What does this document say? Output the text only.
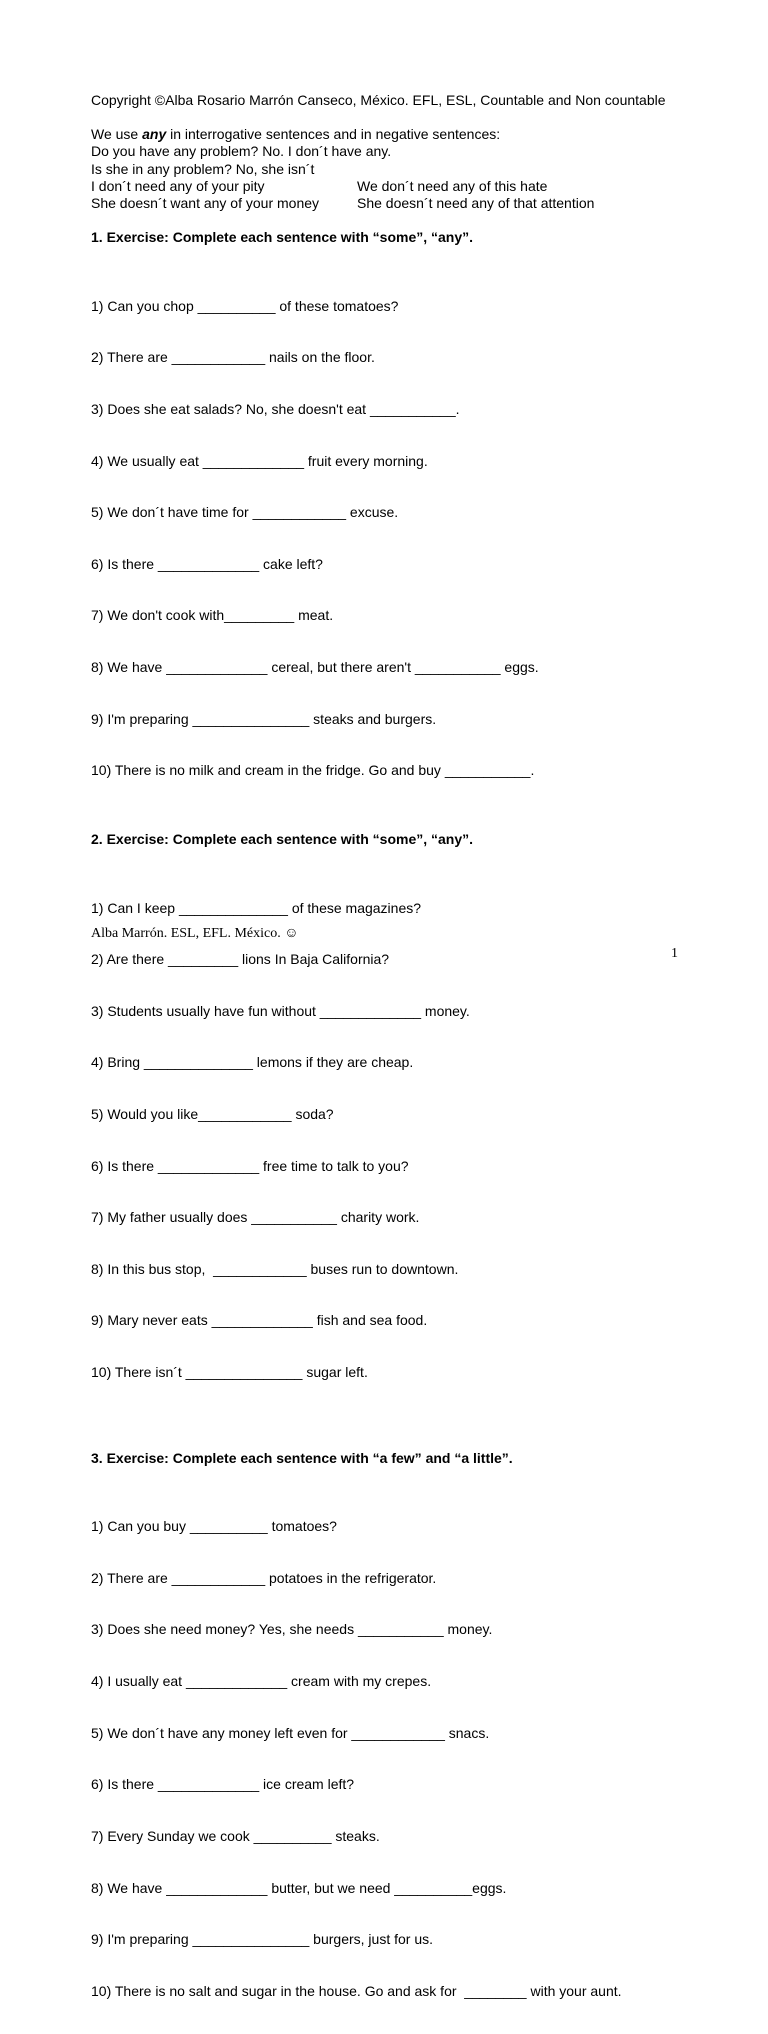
Copyright ©Alba Rosario Marrón Canseco, México. EFL, ESL, Countable and Non countable
We use any in interrogative sentences and in negative sentences:
Do you have any problem? No. I don´t have any.
Is she in any problem? No, she isn´t
I don´t need any of your pity	We don´t need any of this hate
She doesn´t want any of your money	She doesn´t need any of that attention
1. Exercise: Complete each sentence with “some”, “any”.

1) Can you chop __________ of these tomatoes?

2) There are ____________ nails on the floor.

3) Does she eat salads? No, she doesn't eat ___________.

4) We usually eat _____________ fruit every morning.

5) We don´t have time for ____________ excuse.

6) Is there _____________ cake left?

7) We don't cook with_________ meat.

8) We have _____________ cereal, but there aren't ___________ eggs.

9) I'm preparing _______________ steaks and burgers.

10) There is no milk and cream in the fridge. Go and buy ___________.

2. Exercise: Complete each sentence with “some”, “any”.

1) Can I keep ______________ of these magazines?

2) Are there _________ lions In Baja California?

3) Students usually have fun without _____________ money.

4) Bring ______________ lemons if they are cheap.

5) Would you like____________ soda?

6) Is there _____________ free time to talk to you?

7) My father usually does ___________ charity work.

8) In this bus stop,  ____________ buses run to downtown.

9) Mary never eats _____________ fish and sea food.

10) There isn´t _______________ sugar left.

3. Exercise: Complete each sentence with “a few” and “a little”.

1) Can you buy __________ tomatoes?

2) There are ____________ potatoes in the refrigerator.

3) Does she need money? Yes, she needs ___________ money.

4) I usually eat _____________ cream with my crepes.

5) We don´t have any money left even for ____________ snacs.

6) Is there _____________ ice cream left?

7) Every Sunday we cook __________ steaks.

8) We have _____________ butter, but we need __________eggs.

9) I'm preparing _______________ burgers, just for us.

10) There is no salt and sugar in the house. Go and ask for  ________ with your aunt.

Alba Marrón. ESL, EFL. México. ☺
1
